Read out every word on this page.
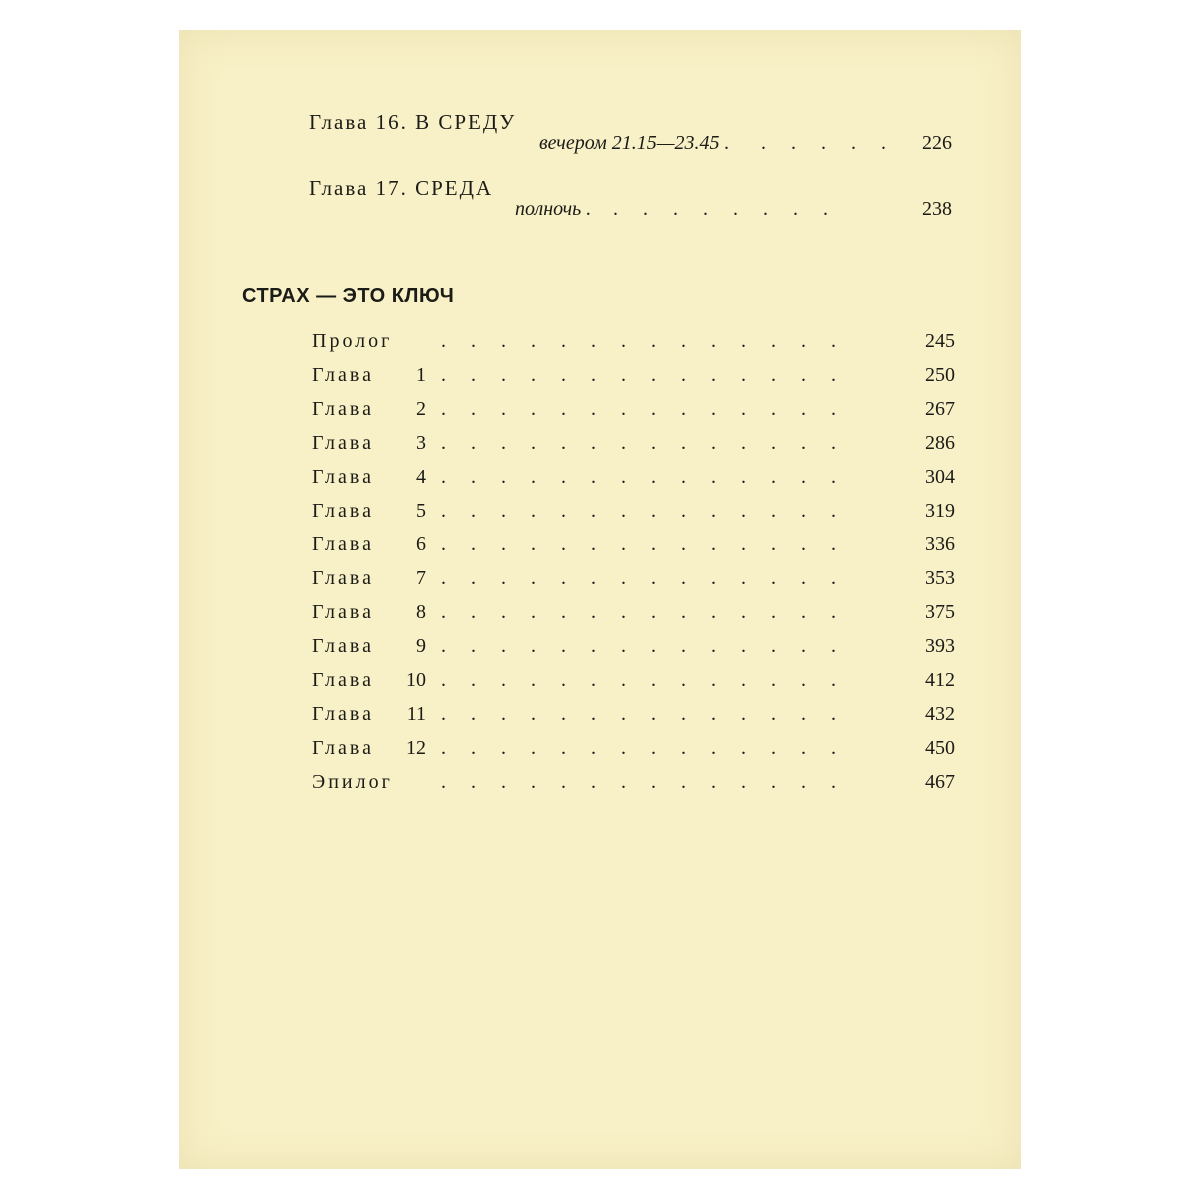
Глава 16. В СРЕДУ
вечером 21.15—23.45 . .     .     .     .     .	226
Глава 17. СРЕДА
полночь . .     .     .     .     .     .     .     .	238
СТРАХ — ЭТО КЛЮЧ
Пролог .     .     .     .     .     .     .     .     .     .     .     .     .     .	245
Глава	1 .     .     .     .     .     .     .     .     .     .     .     .     .     .	250
Глава	2 .     .     .     .     .     .     .     .     .     .     .     .     .     .	267
Глава	3 .     .     .     .     .     .     .     .     .     .     .     .     .     .	286
Глава	4 .     .     .     .     .     .     .     .     .     .     .     .     .     .	304
Глава	5 .     .     .     .     .     .     .     .     .     .     .     .     .     .	319
Глава	6 .     .     .     .     .     .     .     .     .     .     .     .     .     .	336
Глава	7 .     .     .     .     .     .     .     .     .     .     .     .     .     .	353
Глава	8 .     .     .     .     .     .     .     .     .     .     .     .     .     .	375
Глава	9 .     .     .     .     .     .     .     .     .     .     .     .     .     .	393
Глава	10 .     .     .     .     .     .     .     .     .     .     .     .     .     .	412
Глава	11 .     .     .     .     .     .     .     .     .     .     .     .     .     .	432
Глава	12 .     .     .     .     .     .     .     .     .     .     .     .     .     .	450
Эпилог .     .     .     .     .     .     .     .     .     .     .     .     .     .	467
